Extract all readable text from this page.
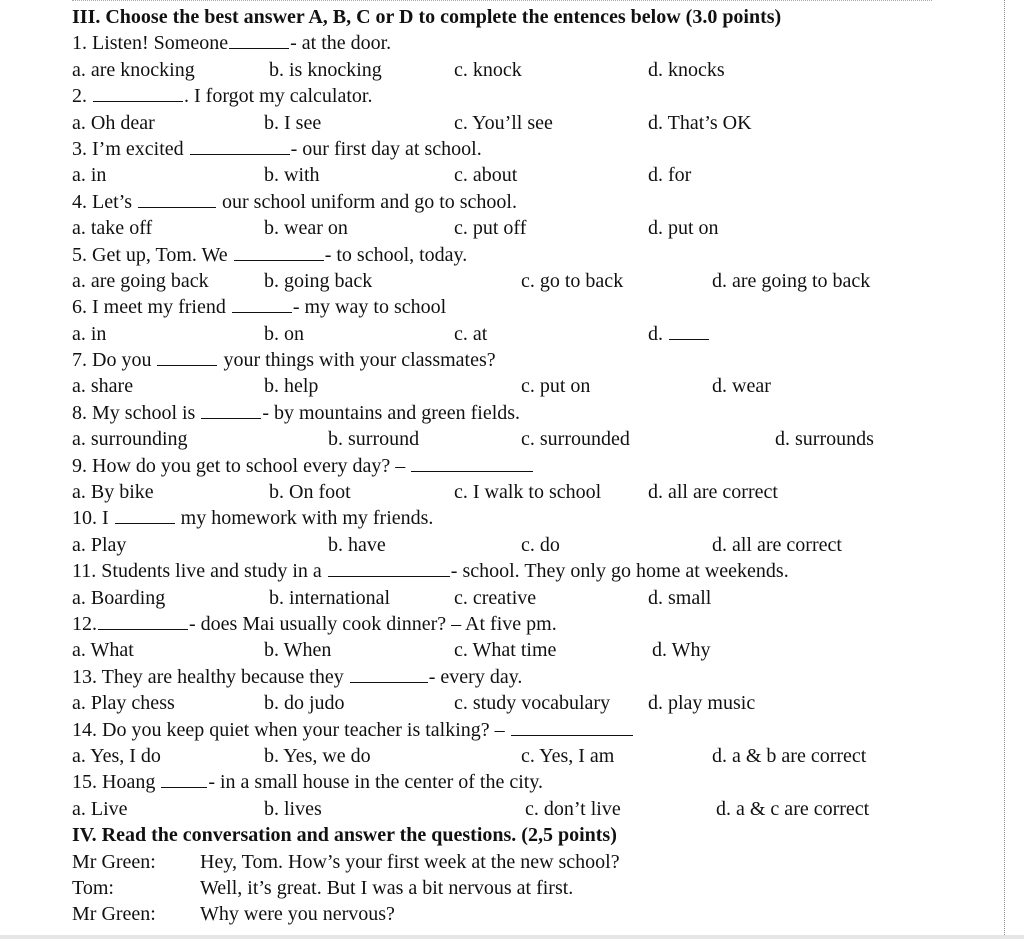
III. Choose the best answer A, B, C or D to complete the entences below (3.0 points)
1. Listen! Someone	- at the door.
a. are knocking	b. is knocking	c. knock	d. knocks
2.	. I forgot my calculator.
a. Oh dear	b. I see	c. You’ll see	d. That’s OK
3. I’m excited	- our first day at school.
a. in	b. with	c. about	d. for
4. Let’s	our school uniform and go to school.
a. take off	b. wear on	c. put off	d. put on
5. Get up, Tom. We	- to school, today.
a. are going back	b. going back	c. go to back	d. are going to back
6. I meet my friend	- my way to school
a. in	b. on	c. at	d.
7. Do you	your things with your classmates?
a. share	b. help	c. put on	d. wear
8. My school is	- by mountains and green fields.
a. surrounding	b. surround	c. surrounded	d. surrounds
9. How do you get to school every day? –
a. By bike	b. On foot	c. I walk to school d. all are correct
10. I	my homework with my friends.
a. Play	b. have	c. do	d. all are correct
11. Students live and study in a	- school. They only go home at weekends.
a. Boarding	b. international	c. creative	d. small
12.	- does Mai usually cook dinner? – At five pm.
a. What	b. When	c. What time	d. Why
13. They are healthy because they	- every day.
a. Play chess	b. do judo	c. study vocabulary d. play music
14. Do you keep quiet when your teacher is talking? –
a. Yes, I do	b. Yes, we do	c. Yes, I am	d. a & b are correct
15. Hoang - in a small house in the center of the city.
a. Live	b. lives	c. don’t live	d. a & c are correct
IV. Read the conversation and answer the questions. (2,5 points)
Mr Green: Hey, Tom. How’s your first week at the new school?
Tom:	Well, it’s great. But I was a bit nervous at first.
Mr Green: Why were you nervous?
